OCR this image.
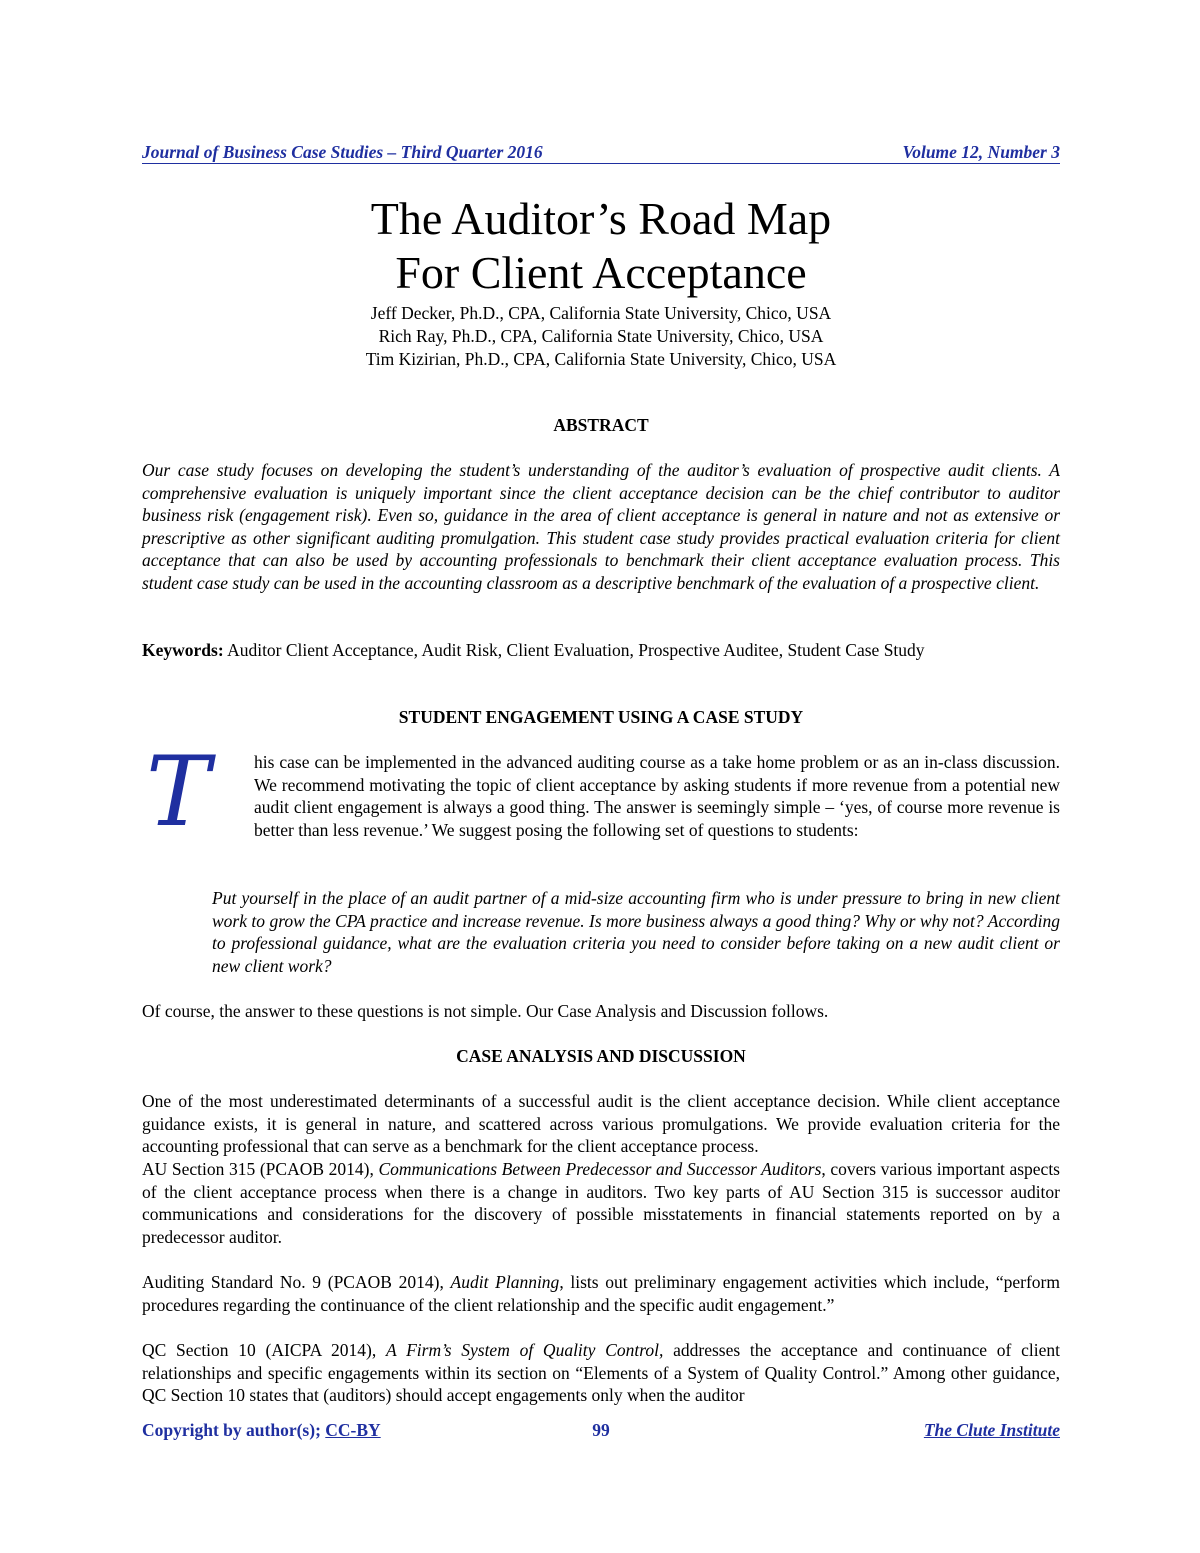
Journal of Business Case Studies – Third Quarter 2016	Volume 12, Number 3
The Auditor’s Road Map
For Client Acceptance
Jeff Decker, Ph.D., CPA, California State University, Chico, USA
Rich Ray, Ph.D., CPA, California State University, Chico, USA
Tim Kizirian, Ph.D., CPA, California State University, Chico, USA
ABSTRACT

Our case study focuses on developing the student’s understanding of the auditor’s evaluation of prospective audit clients. A comprehensive evaluation is uniquely important since the client acceptance decision can be the chief contributor to auditor business risk (engagement risk). Even so, guidance in the area of client acceptance is general in nature and not as extensive or prescriptive as other significant auditing promulgation. This student case study provides practical evaluation criteria for client acceptance that can also be used by accounting professionals to benchmark their client acceptance evaluation process. This student case study can be used in the accounting classroom as a descriptive benchmark of the evaluation of a prospective client.

Keywords: Auditor Client Acceptance, Audit Risk, Client Evaluation, Prospective Auditee, Student Case Study

STUDENT ENGAGEMENT USING A CASE STUDY

T	his case can be implemented in the advanced auditing course as a take home problem or as an in-class discussion. We recommend motivating the topic of client acceptance by asking students if more revenue from a potential new audit client engagement is always a good thing. The answer is seemingly simple – ‘yes, of course more revenue is better than less revenue.’ We suggest posing the following set of questions to students:

Put yourself in the place of an audit partner of a mid-size accounting firm who is under pressure to bring in new client work to grow the CPA practice and increase revenue. Is more business always a good thing? Why or why not? According to professional guidance, what are the evaluation criteria you need to consider before taking on a new audit client or new client work?

Of course, the answer to these questions is not simple. Our Case Analysis and Discussion follows.

CASE ANALYSIS AND DISCUSSION

One of the most underestimated determinants of a successful audit is the client acceptance decision. While client acceptance guidance exists, it is general in nature, and scattered across various promulgations. We provide evaluation criteria for the accounting professional that can serve as a benchmark for the client acceptance process.

AU Section 315 (PCAOB 2014), Communications Between Predecessor and Successor Auditors, covers various important aspects of the client acceptance process when there is a change in auditors. Two key parts of AU Section 315 is successor auditor communications and considerations for the discovery of possible misstatements in financial statements reported on by a predecessor auditor.

Auditing Standard No. 9 (PCAOB 2014), Audit Planning, lists out preliminary engagement activities which include, “perform procedures regarding the continuance of the client relationship and the specific audit engagement.”

QC Section 10 (AICPA 2014), A Firm’s System of Quality Control, addresses the acceptance and continuance of client relationships and specific engagements within its section on “Elements of a System of Quality Control.” Among other guidance, QC Section 10 states that (auditors) should accept engagements only when the auditor

Copyright by author(s); CC-BY	99	The Clute Institute
